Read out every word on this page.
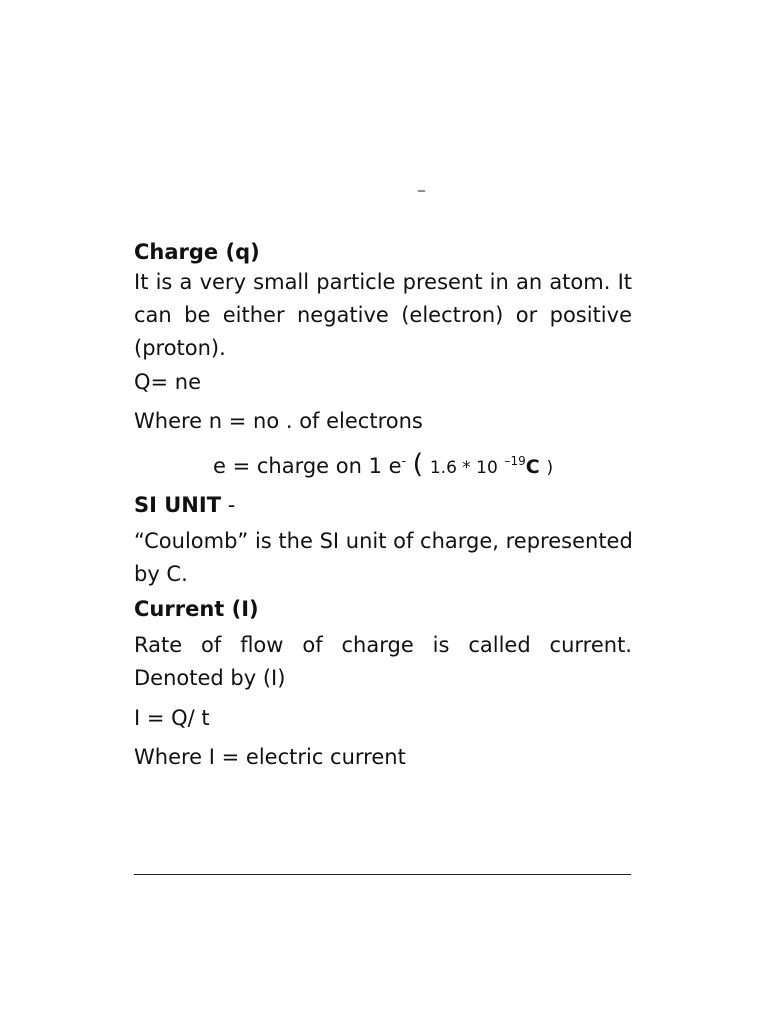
_
Charge (q)
It is a very small particle present in an atom. It
can be either negative (electron) or positive
(proton).
Q= ne
Where n = no . of electrons
e = charge on 1 e- ( 1.6 * 10 $^{-19}$C )
SI UNIT -
“Coulomb” is the SI unit of charge, represented
by C.
Current (I)
Rate of flow of charge is called current.
Denoted by (I)
I = Q/ t
Where I = electric current
